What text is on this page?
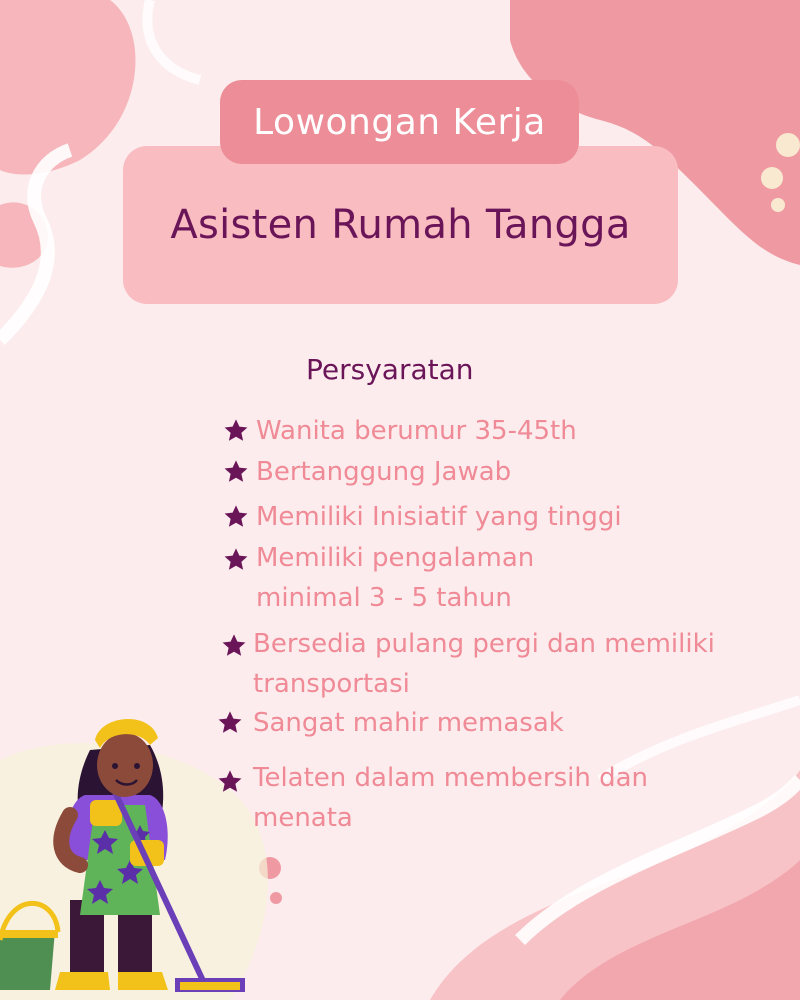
Asisten Rumah Tangga
Lowongan Kerja
Persyaratan
Wanita berumur 35-45th
Bertanggung Jawab
Memiliki Inisiatif yang tinggi
Memiliki pengalaman
minimal 3 - 5 tahun
Bersedia pulang pergi dan memiliki
transportasi
Sangat mahir memasak
Telaten dalam membersih dan
menata
